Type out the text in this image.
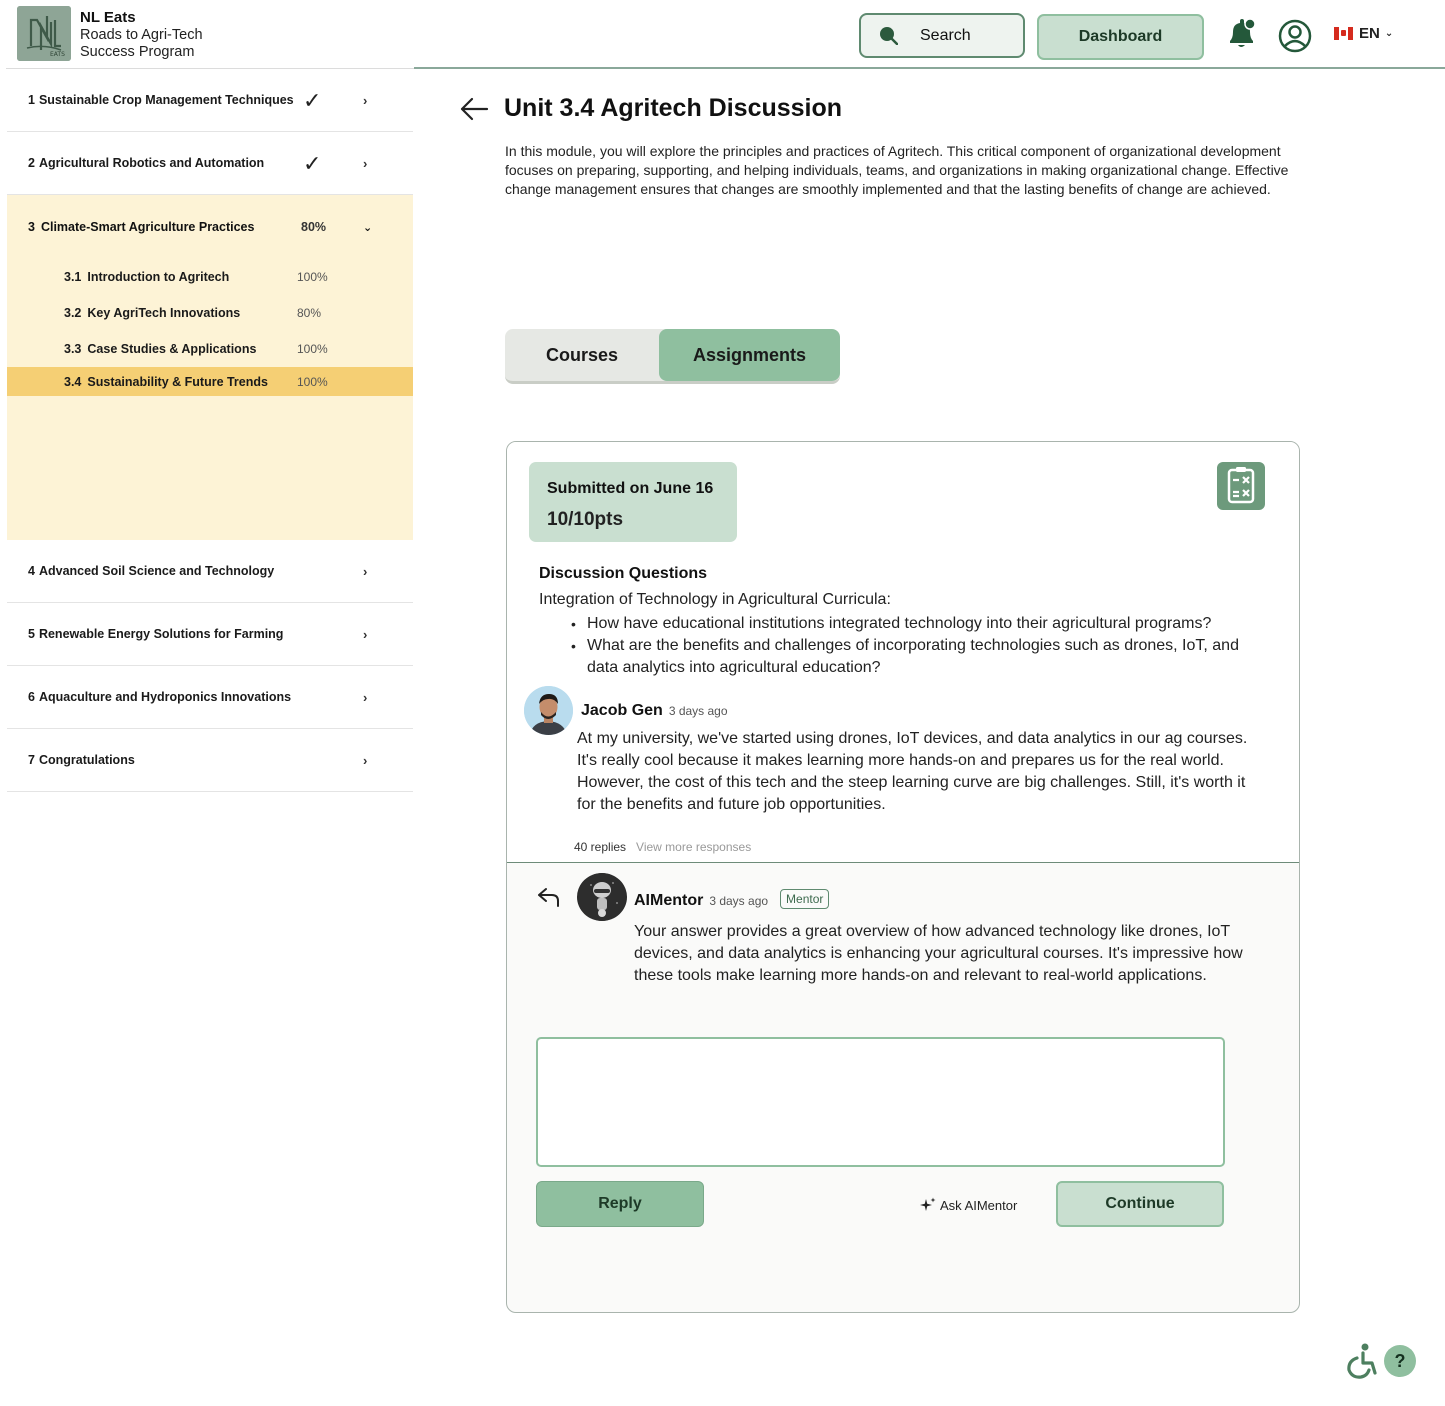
EATS
NL Eats
Roads to Agri-Tech
Success Program
Search	Dashboard	EN ⌄
1 Sustainable Crop Management Techniques ✓	›
2 Agricultural Robotics and Automation ✓	›
3 Climate-Smart Agriculture Practices	80%	⌄
3.1 Introduction to Agritech	100%
3.2 Key AgriTech Innovations	80%
3.3 Case Studies & Applications	100%
3.4 Sustainability & Future Trends 100%
4 Advanced Soil Science and Technology	›
5 Renewable Energy Solutions for Farming	›
6 Aquaculture and Hydroponics Innovations	›
7 Congratulations	›
Unit 3.4 Agritech Discussion
In this module, you will explore the principles and practices of Agritech. This critical component of organizational development focuses on preparing, supporting, and helping individuals, teams, and organizations in making organizational change. Effective change management ensures that changes are smoothly implemented and that the lasting benefits of change are achieved.
Courses	Assignments
Submitted on June 16
10/10pts
Discussion Questions
Integration of Technology in Agricultural Curricula:
• How have educational institutions integrated technology into their agricultural programs?
• What are the benefits and challenges of incorporating technologies such as drones, IoT, and data analytics into agricultural education?
Jacob Gen 3 days ago
At my university, we've started using drones, IoT devices, and data analytics in our ag courses. It's really cool because it makes learning more hands-on and prepares us for the real world. However, the cost of this tech and the steep learning curve are big challenges. Still, it's worth it for the benefits and future job opportunities.
40 replies View more responses
AIMentor 3 days ago Mentor
Your answer provides a great overview of how advanced technology like drones, IoT devices, and data analytics is enhancing your agricultural courses. It's impressive how these tools make learning more hands-on and relevant to real-world applications.
Reply	Ask AIMentor	Continue
?
